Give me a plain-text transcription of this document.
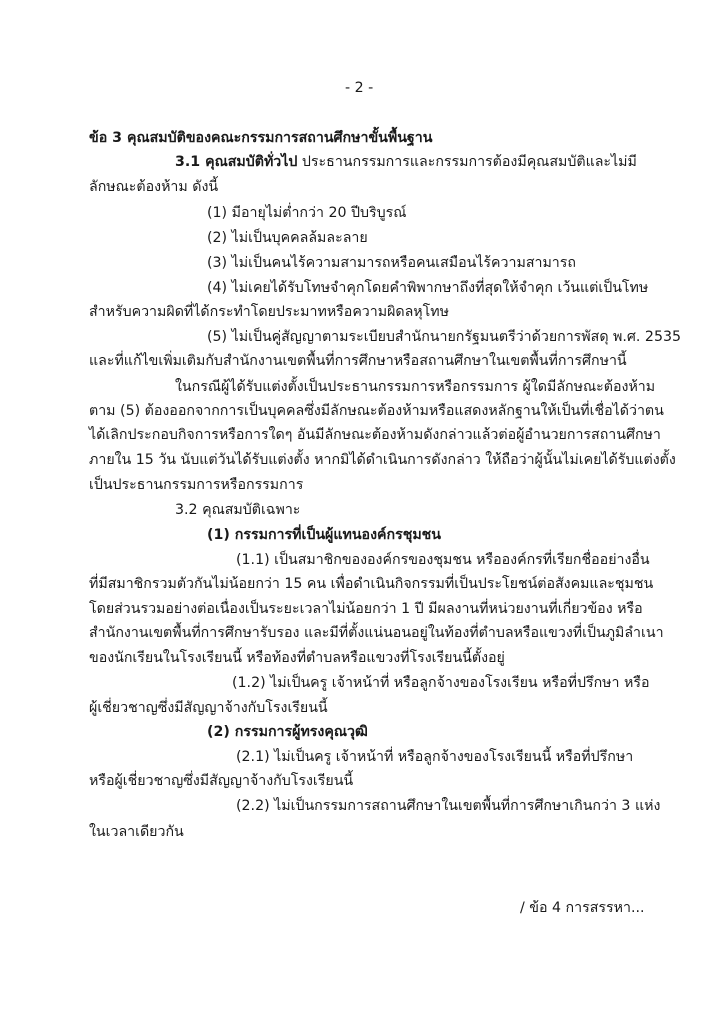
- 2 -
ข้อ 3 คุณสมบัติของคณะกรรมการสถานศึกษาขั้นพื้นฐาน
3.1 คุณสมบัติทั่วไป ประธานกรรมการและกรรมการต้องมีคุณสมบัติและไม่มี
ลักษณะต้องห้าม ดังนี้
(1) มีอายุไม่ต่ำกว่า 20 ปีบริบูรณ์
(2) ไม่เป็นบุคคลล้มละลาย
(3) ไม่เป็นคนไร้ความสามารถหรือคนเสมือนไร้ความสามารถ
(4) ไม่เคยได้รับโทษจำคุกโดยคำพิพากษาถึงที่สุดให้จำคุก เว้นแต่เป็นโทษ
สำหรับความผิดที่ได้กระทำโดยประมาทหรือความผิดลหุโทษ
(5) ไม่เป็นคู่สัญญาตามระเบียบสำนักนายกรัฐมนตรีว่าด้วยการพัสดุ พ.ศ. 2535
และที่แก้ไขเพิ่มเติมกับสำนักงานเขตพื้นที่การศึกษาหรือสถานศึกษาในเขตพื้นที่การศึกษานี้
ในกรณีผู้ได้รับแต่งตั้งเป็นประธานกรรมการหรือกรรมการ ผู้ใดมีลักษณะต้องห้าม
ตาม (5) ต้องออกจากการเป็นบุคคลซึ่งมีลักษณะต้องห้ามหรือแสดงหลักฐานให้เป็นที่เชื่อได้ว่าตน
ได้เลิกประกอบกิจการหรือการใดๆ อันมีลักษณะต้องห้ามดังกล่าวแล้วต่อผู้อำนวยการสถานศึกษา
ภายใน 15 วัน นับแต่วันได้รับแต่งตั้ง หากมิได้ดำเนินการดังกล่าว ให้ถือว่าผู้นั้นไม่เคยได้รับแต่งตั้ง
เป็นประธานกรรมการหรือกรรมการ
3.2 คุณสมบัติเฉพาะ
(1) กรรมการที่เป็นผู้แทนองค์กรชุมชน
(1.1) เป็นสมาชิกขององค์กรของชุมชน หรือองค์กรที่เรียกชื่ออย่างอื่น
ที่มีสมาชิกรวมตัวกันไม่น้อยกว่า 15 คน เพื่อดำเนินกิจกรรมที่เป็นประโยชน์ต่อสังคมและชุมชน
โดยส่วนรวมอย่างต่อเนื่องเป็นระยะเวลาไม่น้อยกว่า 1 ปี มีผลงานที่หน่วยงานที่เกี่ยวข้อง หรือ
สำนักงานเขตพื้นที่การศึกษารับรอง และมีที่ตั้งแน่นอนอยู่ในท้องที่ตำบลหรือแขวงที่เป็นภูมิลำเนา
ของนักเรียนในโรงเรียนนี้ หรือท้องที่ตำบลหรือแขวงที่โรงเรียนนี้ตั้งอยู่
(1.2) ไม่เป็นครู เจ้าหน้าที่ หรือลูกจ้างของโรงเรียน หรือที่ปรึกษา หรือ
ผู้เชี่ยวชาญซึ่งมีสัญญาจ้างกับโรงเรียนนี้
(2) กรรมการผู้ทรงคุณวุฒิ
(2.1) ไม่เป็นครู เจ้าหน้าที่ หรือลูกจ้างของโรงเรียนนี้ หรือที่ปรึกษา
หรือผู้เชี่ยวชาญซึ่งมีสัญญาจ้างกับโรงเรียนนี้
(2.2) ไม่เป็นกรรมการสถานศึกษาในเขตพื้นที่การศึกษาเกินกว่า 3 แห่ง
ในเวลาเดียวกัน
/ ข้อ 4 การสรรหา...
